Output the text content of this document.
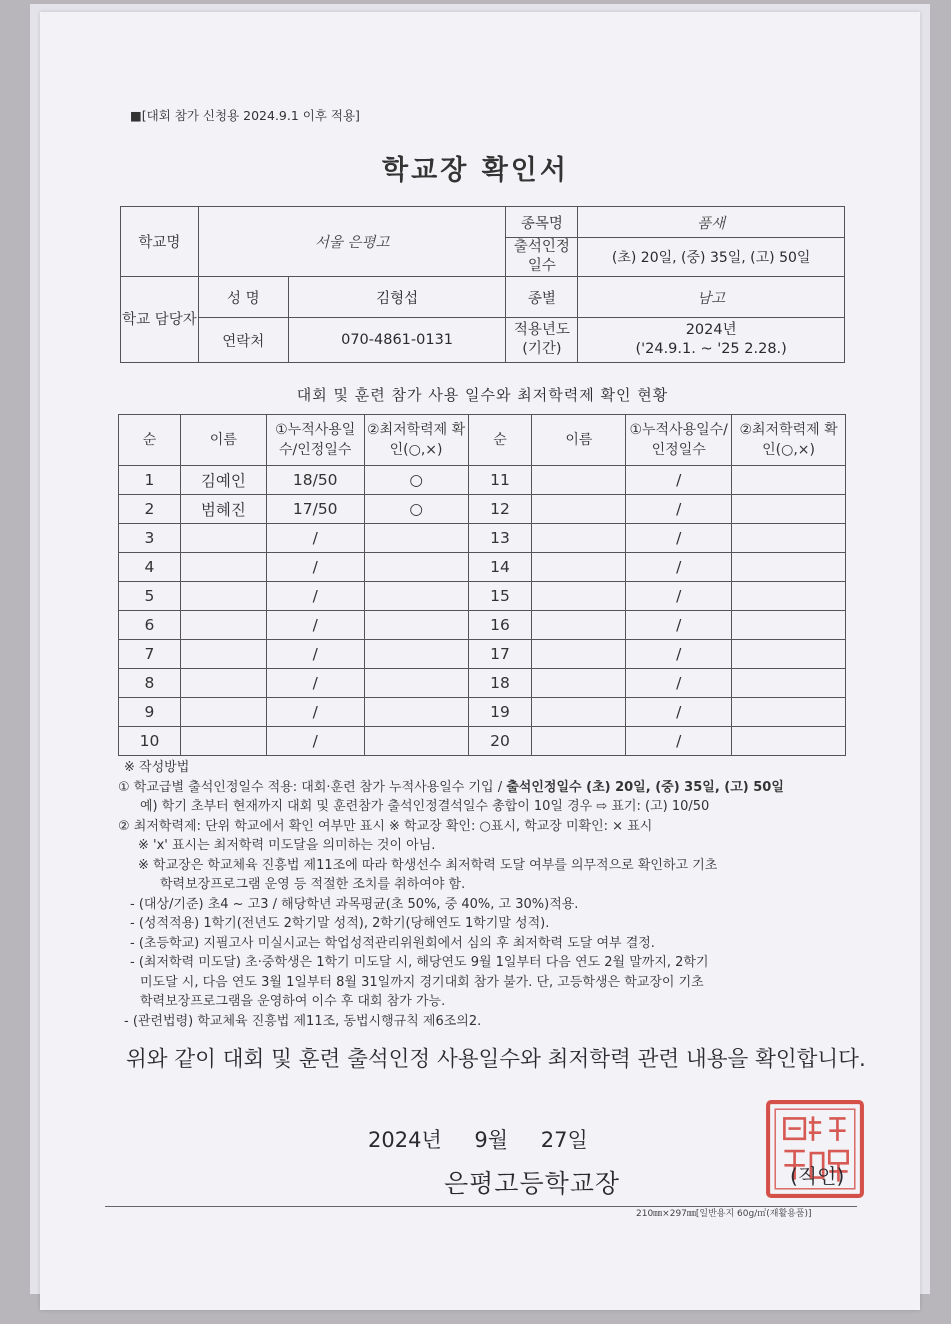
■[대회 참가 신청용 2024.9.1 이후 적용]
학교장 확인서
학교명	서울 은평고		종목명	품새
			출석인정 일수	(초) 20일, (중) 35일, (고) 50일
학교 담당자	성 명	김형섭	종별	남고
	연락처	070-4861-0131	적용년도 (기간)	2024년
('24.9.1. ~ '25 2.28.)
대회 및 훈련 참가 사용 일수와 최저학력제 확인 현황
순	이름	①누적사용일수/인정일수	②최저학력제 확인(○,×)	순	이름	①누적사용일수/인정일수	②최저학력제 확인(○,×)
1	김예인	18/50	○	11		/	
2	범혜진	17/50	○	12		/	
3		/		13		/	
4		/		14		/	
5		/		15		/	
6		/		16		/	
7		/		17		/	
8		/		18		/	
9		/		19		/	
10		/		20		/	
※ 작성방법
① 학교급별 출석인정일수 적용: 대회·훈련 참가 누적사용일수 기입 / 출석인정일수 (초) 20일, (중) 35일, (고) 50일
예) 학기 초부터 현재까지 대회 및 훈련참가 출석인정결석일수 총합이 10일 경우 ⇨ 표기: (고) 10/50
② 최저학력제: 단위 학교에서 확인 여부만 표시 ※ 학교장 확인: ○표시, 학교장 미확인: × 표시
※ 'x' 표시는 최저학력 미도달을 의미하는 것이 아님.
※ 학교장은 학교체육 진흥법 제11조에 따라 학생선수 최저학력 도달 여부를 의무적으로 확인하고 기초
학력보장프로그램 운영 등 적절한 조치를 취하여야 함.
- (대상/기준) 초4 ~ 고3 / 해당학년 과목평균(초 50%, 중 40%, 고 30%)적용.
- (성적적용) 1학기(전년도 2학기말 성적), 2학기(당해연도 1학기말 성적).
- (초등학교) 지필고사 미실시교는 학업성적관리위원회에서 심의 후 최저학력 도달 여부 결정.
- (최저학력 미도달) 초·중학생은 1학기 미도달 시, 해당연도 9월 1일부터 다음 연도 2월 말까지, 2학기
미도달 시, 다음 연도 3월 1일부터 8월 31일까지 경기대회 참가 불가. 단, 고등학생은 학교장이 기초
학력보장프로그램을 운영하여 이수 후 대회 참가 가능.
- (관련법령) 학교체육 진흥법 제11조, 동법시행규칙 제6조의2.
위와 같이 대회 및 훈련 출석인정 사용일수와 최저학력 관련 내용을 확인합니다.
2024년 9월 27일
은평고등학교장	(직인)
210㎜×297㎜[일반용지 60g/㎡(재활용품)]
